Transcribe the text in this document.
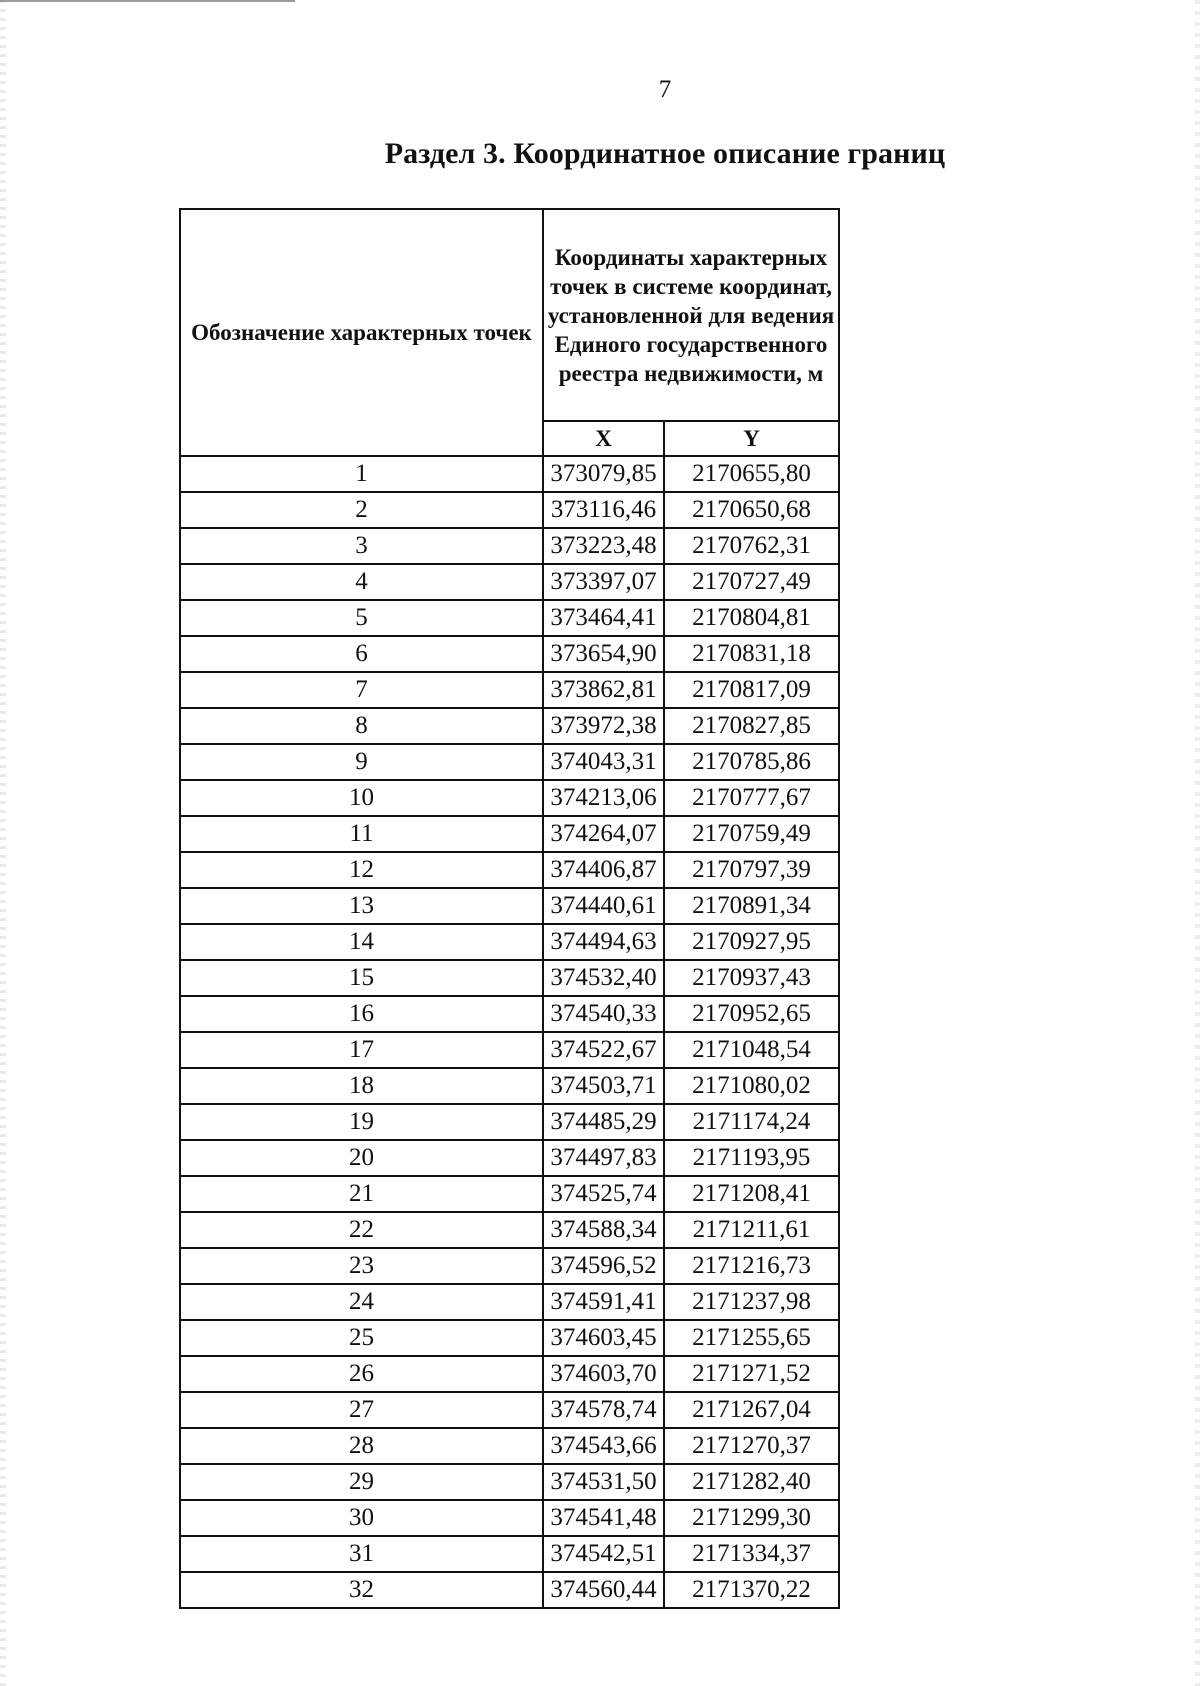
7
Раздел 3. Координатное описание границ
Обозначение характерных точек	Координаты характерных точек в системе координат, установленной для ведения Единого государственного реестра недвижимости, м	
	X	Y
1	373079,85	2170655,80
2	373116,46	2170650,68
3	373223,48	2170762,31
4	373397,07	2170727,49
5	373464,41	2170804,81
6	373654,90	2170831,18
7	373862,81	2170817,09
8	373972,38	2170827,85
9	374043,31	2170785,86
10	374213,06	2170777,67
11	374264,07	2170759,49
12	374406,87	2170797,39
13	374440,61	2170891,34
14	374494,63	2170927,95
15	374532,40	2170937,43
16	374540,33	2170952,65
17	374522,67	2171048,54
18	374503,71	2171080,02
19	374485,29	2171174,24
20	374497,83	2171193,95
21	374525,74	2171208,41
22	374588,34	2171211,61
23	374596,52	2171216,73
24	374591,41	2171237,98
25	374603,45	2171255,65
26	374603,70	2171271,52
27	374578,74	2171267,04
28	374543,66	2171270,37
29	374531,50	2171282,40
30	374541,48	2171299,30
31	374542,51	2171334,37
32	374560,44	2171370,22
